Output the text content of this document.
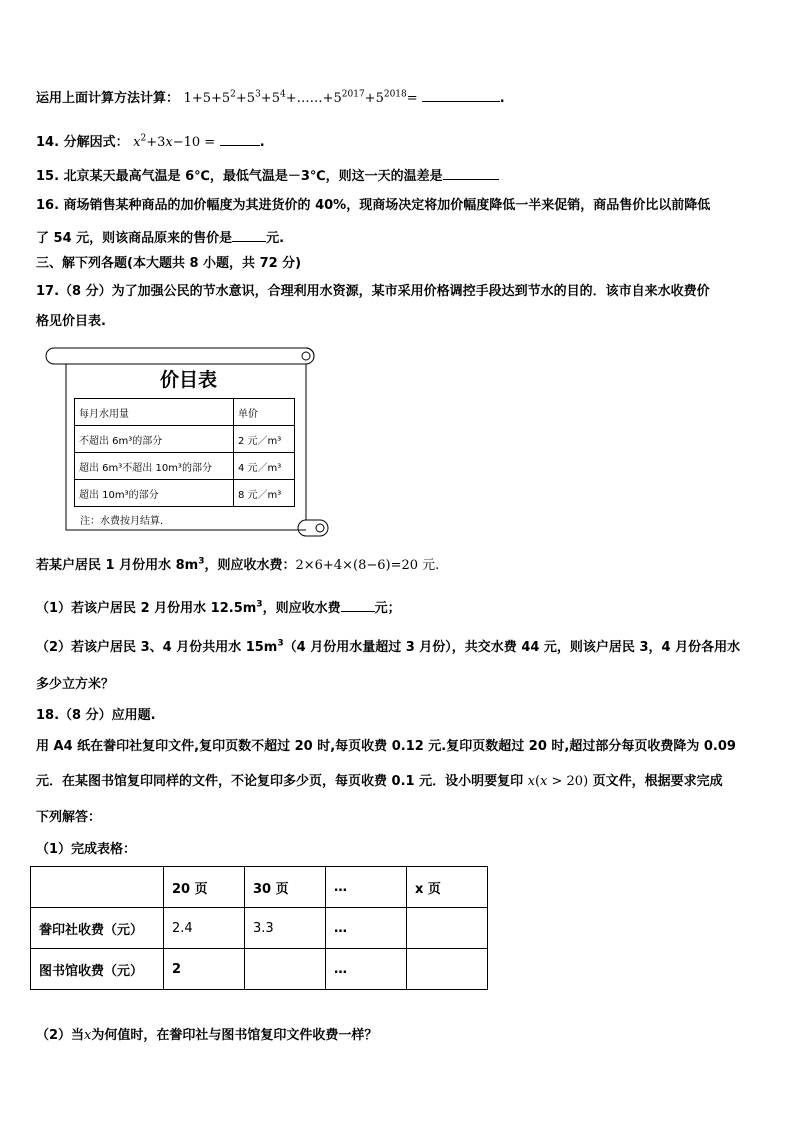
运用上面计算方法计算： $1+5+5^2+5^3+5^4+\dots\dots+5^{2017}+5^{2018}=$	.
14. 分解因式： $x^2+3x-10$ =	.
15. 北京某天最高气温是 6℃，最低气温是－3℃，则这一天的温差是
16. 商场销售某种商品的加价幅度为其进货价的 40%，现商场决定将加价幅度降低一半来促销，商品售价比以前降低
了 54 元，则该商品原来的售价是	元.
三、解下列各题(本大题共 8 小题，共 72 分)
17.（8 分）为了加强公民的节水意识，合理利用水资源，某市采用价格调控手段达到节水的目的．该市自来水收费价
格见价目表.
价目表
每月水用量	单价
不超出 6m³的部分	2 元／m³
超出 6m³不超出 10m³的部分	4 元／m³
超出 10m³的部分	8 元／m³
注：水费按月结算．
若某户居民 1 月份用水 $8m^3$，则应收水费：2×6+4×(8−6)=20 元.
（1）若该户居民 2 月份用水 $12.5m^3$，则应收水费	元；
（2）若该户居民 3、4 月份共用水 $15m^3(4$ 月份用水量超过 3 月份），共交水费 44 元，则该户居民 3，4 月份各用水
多少立方米？
18.（8 分）应用题.
用 A4 纸在誊印社复印文件,复印页数不超过 20 时,每页收费 0.12 元.复印页数超过 20 时,超过部分每页收费降为 0.09
元．在某图书馆复印同样的文件，不论复印多少页，每页收费 0.1 元．设小明要复印 x(x > 20) 页文件，根据要求完成
下列解答：
（1）完成表格：
	20 页	30 页	…	x 页
誊印社收费（元）	2.4	3.3	…	
图书馆收费（元）	2		…	
（2）当x为何值时，在誊印社与图书馆复印文件收费一样？
